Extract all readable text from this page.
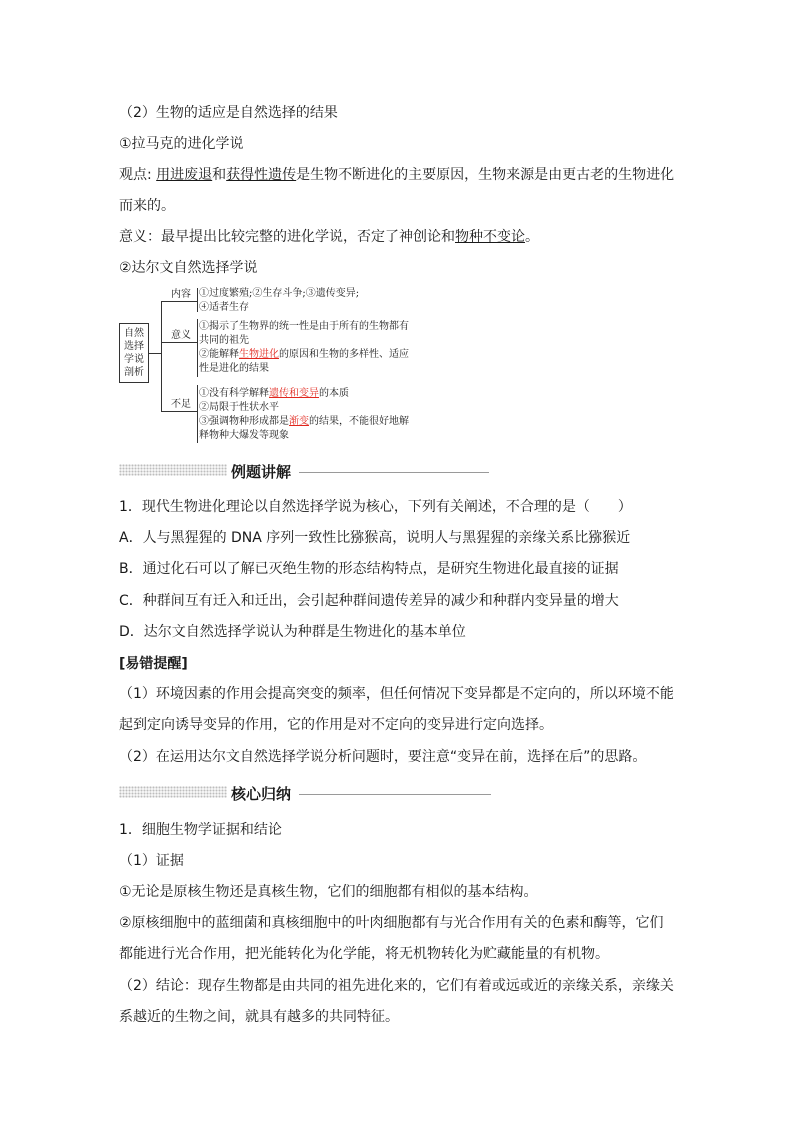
（2）生物的适应是自然选择的结果
①拉马克的进化学说
观点: 用进废退和获得性遗传是生物不断进化的主要原因，生物来源是由更古老的生物进化
而来的。
意义：最早提出比较完整的进化学说，否定了神创论和物种不变论。
②达尔文自然选择学说
自然选择学说剖析
内容
意义
不足
①过度繁殖;②生存斗争;③遗传变异;
④适者生存
①揭示了生物界的统一性是由于所有的生物都有
共同的祖先
②能解释生物进化的原因和生物的多样性、适应
性是进化的结果
①没有科学解释遗传和变异的本质
②局限于性状水平
③强调物种形成都是渐变的结果，不能很好地解
释物种大爆发等现象
例题讲解
1．现代生物进化理论以自然选择学说为核心，下列有关阐述，不合理的是（　　）
A．人与黑猩猩的 DNA 序列一致性比猕猴高，说明人与黑猩猩的亲缘关系比猕猴近
B．通过化石可以了解已灭绝生物的形态结构特点，是研究生物进化最直接的证据
C．种群间互有迁入和迁出，会引起种群间遗传差异的减少和种群内变异量的增大
D．达尔文自然选择学说认为种群是生物进化的基本单位
[易错提醒]
（1）环境因素的作用会提高突变的频率，但任何情况下变异都是不定向的，所以环境不能
起到定向诱导变异的作用，它的作用是对不定向的变异进行定向选择。
（2）在运用达尔文自然选择学说分析问题时，要注意“变异在前，选择在后”的思路。
核心归纳
1．细胞生物学证据和结论
（1）证据
①无论是原核生物还是真核生物，它们的细胞都有相似的基本结构。
②原核细胞中的蓝细菌和真核细胞中的叶肉细胞都有与光合作用有关的色素和酶等，它们
都能进行光合作用，把光能转化为化学能，将无机物转化为贮藏能量的有机物。
（2）结论：现存生物都是由共同的祖先进化来的，它们有着或远或近的亲缘关系，亲缘关
系越近的生物之间，就具有越多的共同特征。
